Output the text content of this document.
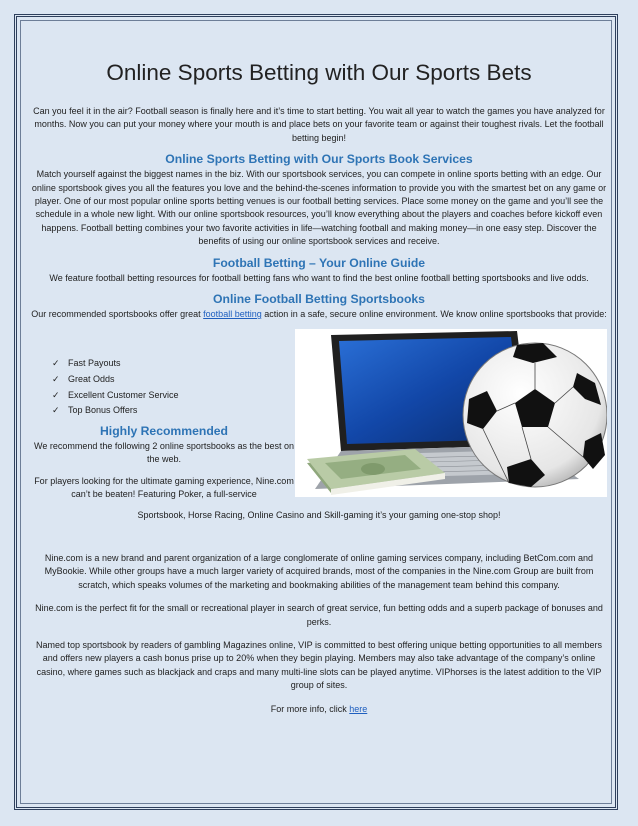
Online Sports Betting with Our Sports Bets

Can you feel it in the air? Football season is finally here and it’s time to start betting. You wait all year to watch the games you have analyzed for months. Now you can put your money where your mouth is and place bets on your favorite team or against their toughest rivals. Let the football betting begin!

Online Sports Betting with Our Sports Book Services

Match yourself against the biggest names in the biz. With our sportsbook services, you can compete in online sports betting with an edge. Our online sportsbook gives you all the features you love and the behind-the-scenes information to provide you with the smartest bet on any game or player. One of our most popular online sports betting venues is our football betting services. Place some money on the game and you’ll see the schedule in a whole new light. With our online sportsbook resources, you’ll know everything about the players and coaches before kickoff even happens. Football betting combines your two favorite activities in life—watching football and making money—in one easy step. Discover the benefits of using our online sportsbook services and receive.

Football Betting – Your Online Guide

We feature football betting resources for football betting fans who want to find the best online football betting sportsbooks and live odds.

Online Football Betting Sportsbooks

Our recommended sportsbooks offer great football betting action in a safe, secure online environment. We know online sportsbooks that provide:

✓ Fast Payouts
✓ Great Odds
✓ Excellent Customer Service
✓ Top Bonus Offers
Highly Recommended

We recommend the following 2 online sportsbooks as the best on the web.

For players looking for the ultimate gaming experience, Nine.com can’t be beaten! Featuring Poker, a full-service

Sportsbook, Horse Racing, Online Casino and Skill-gaming it’s your gaming one-stop shop!

Nine.com is a new brand and parent organization of a large conglomerate of online gaming services company, including BetCom.com and MyBookie. While other groups have a much larger variety of acquired brands, most of the companies in the Nine.com Group are built from scratch, which speaks volumes of the marketing and bookmaking abilities of the management team behind this company.

Nine.com is the perfect fit for the small or recreational player in search of great service, fun betting odds and a superb package of bonuses and perks.

Named top sportsbook by readers of gambling Magazines online, VIP is committed to best offering unique betting opportunities to all members and offers new players a cash bonus prise up to 20% when they begin playing. Members may also take advantage of the company’s online casino, where games such as blackjack and craps and many multi-line slots can be played anytime. VIPhorses is the latest addition to the VIP group of sites.

For more info, click here
